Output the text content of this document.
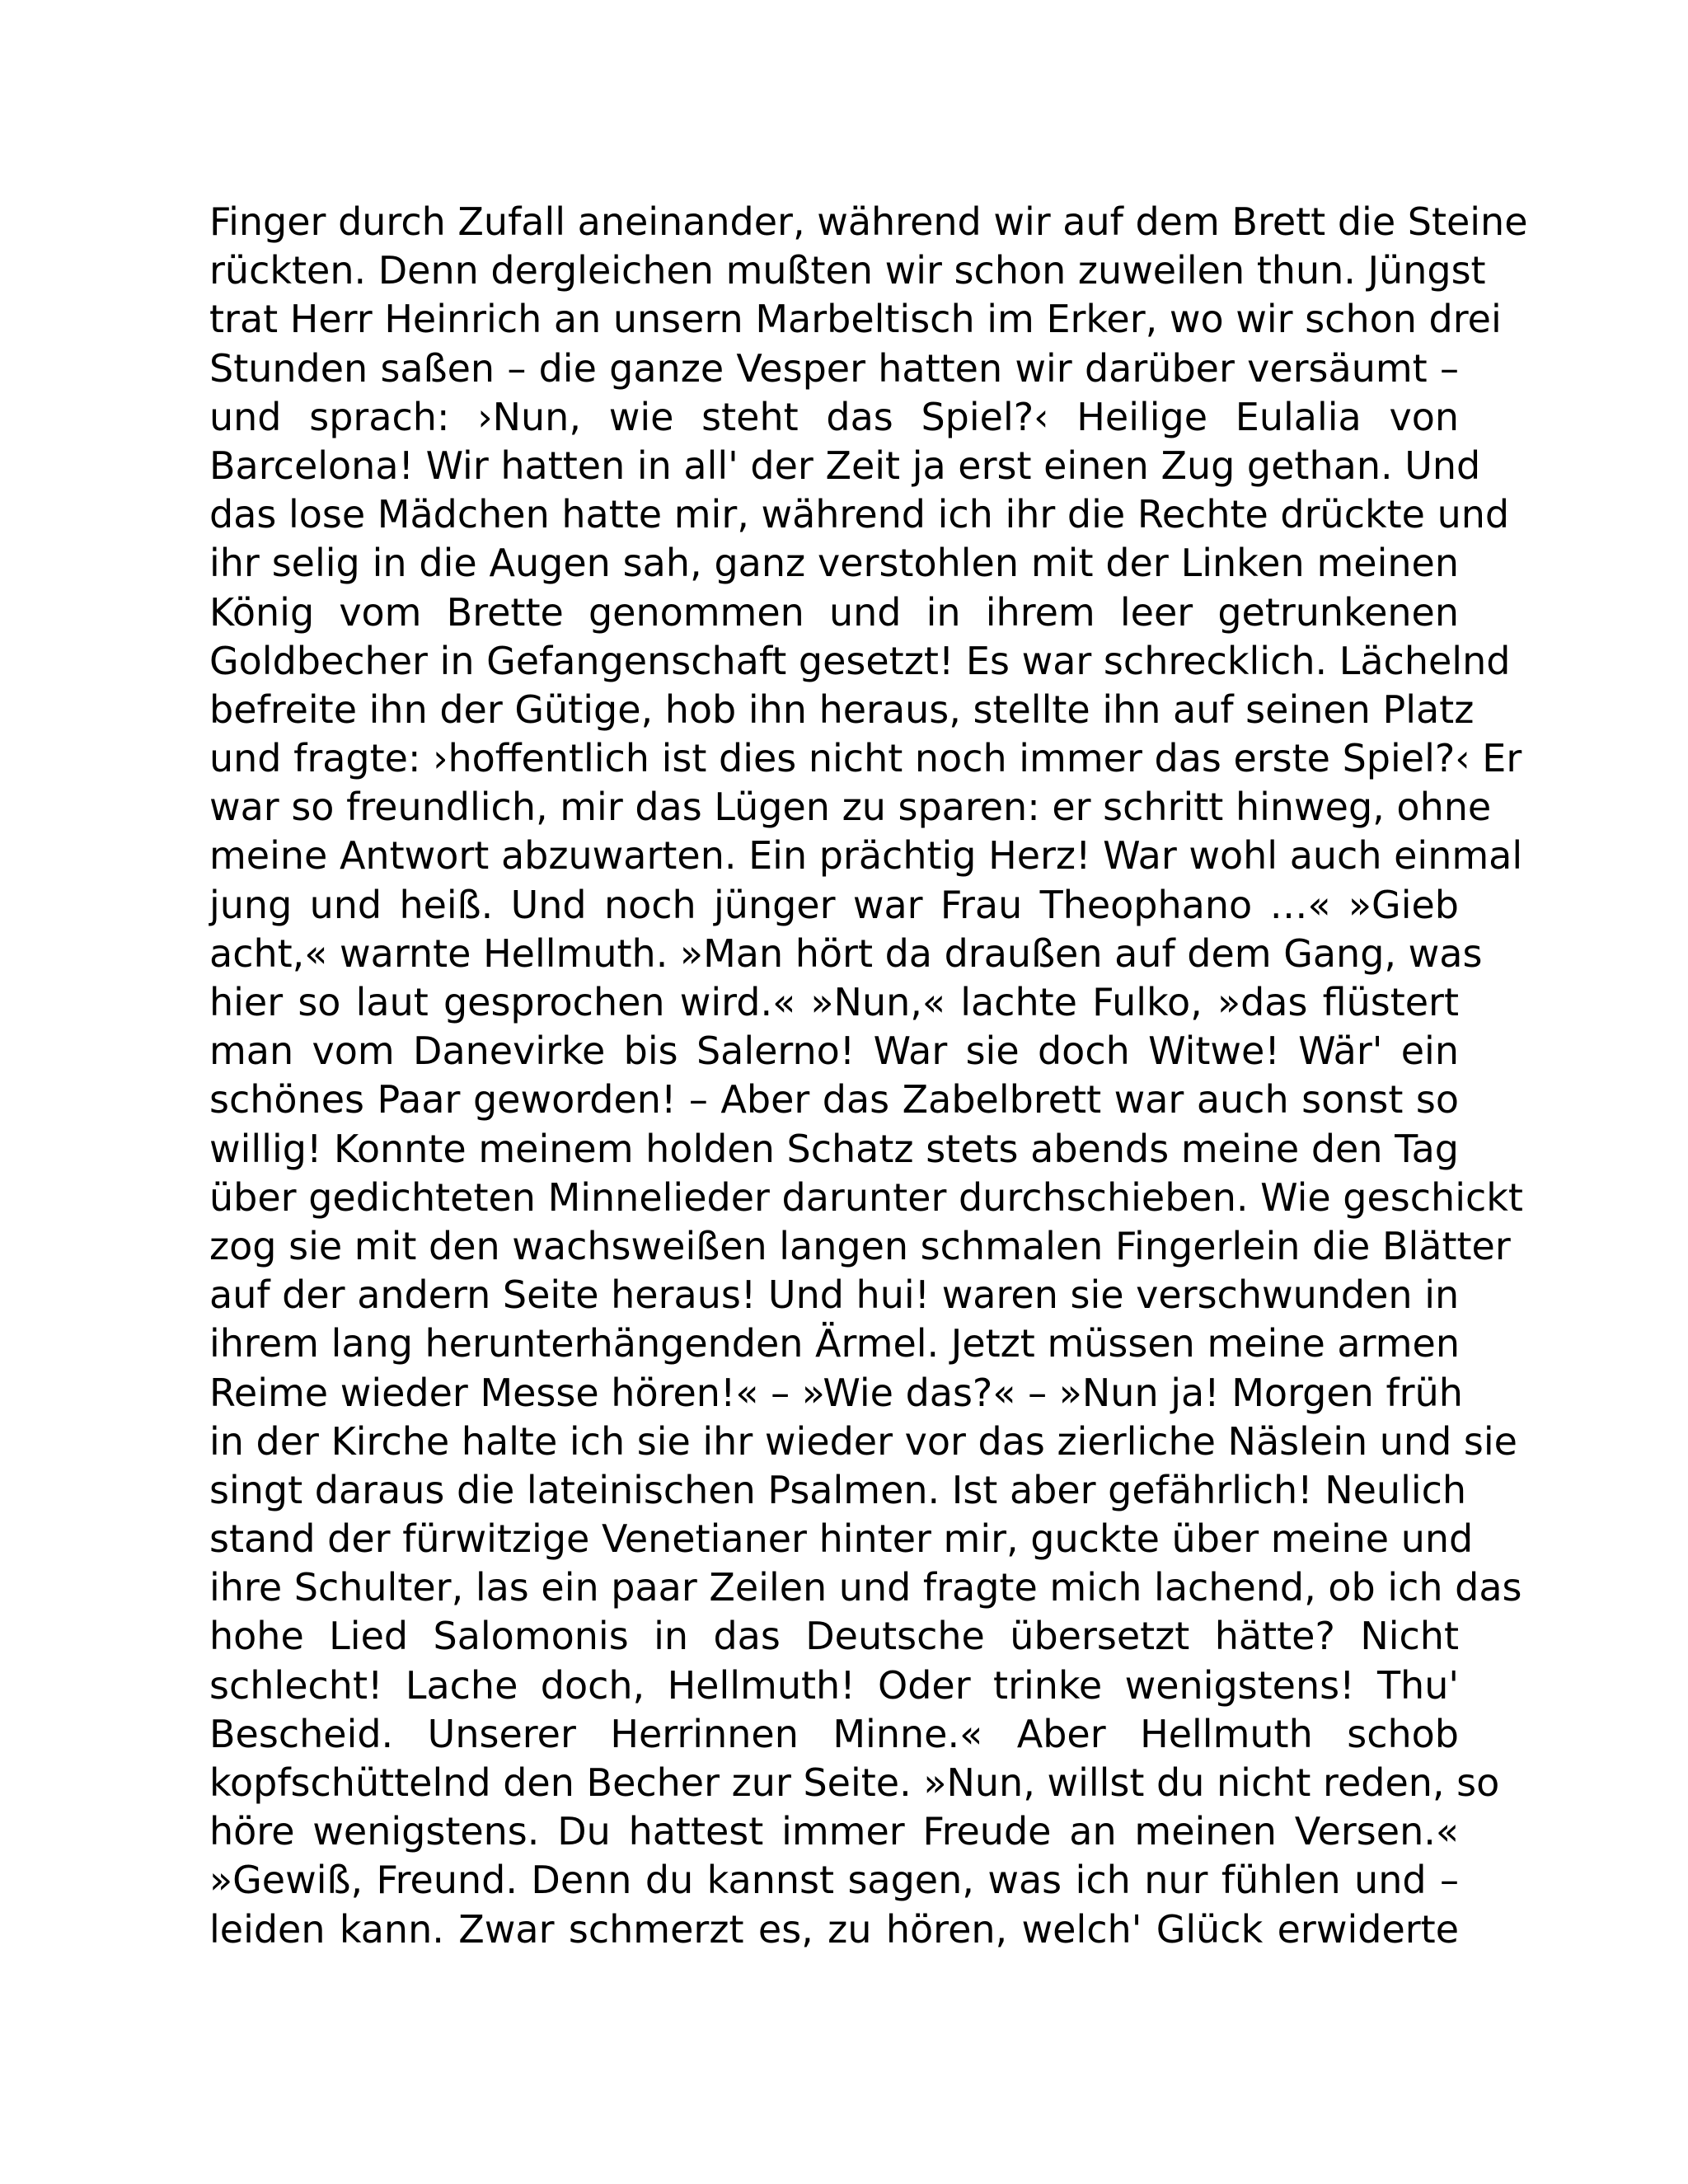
Finger durch Zufall aneinander, während wir auf dem Brett die Steine
rückten. Denn dergleichen mußten wir schon zuweilen thun. Jüngst
trat Herr Heinrich an unsern Marbeltisch im Erker, wo wir schon drei
Stunden saßen – die ganze Vesper hatten wir darüber versäumt –
und sprach: ›Nun, wie steht das Spiel?‹ Heilige Eulalia von
Barcelona! Wir hatten in all' der Zeit ja erst einen Zug gethan. Und
das lose Mädchen hatte mir, während ich ihr die Rechte drückte und
ihr selig in die Augen sah, ganz verstohlen mit der Linken meinen
König vom Brette genommen und in ihrem leer getrunkenen
Goldbecher in Gefangenschaft gesetzt! Es war schrecklich. Lächelnd
befreite ihn der Gütige, hob ihn heraus, stellte ihn auf seinen Platz
und fragte: ›hoffentlich ist dies nicht noch immer das erste Spiel?‹ Er
war so freundlich, mir das Lügen zu sparen: er schritt hinweg, ohne
meine Antwort abzuwarten. Ein prächtig Herz! War wohl auch einmal
jung und heiß. Und noch jünger war Frau Theophano …« »Gieb
acht,« warnte Hellmuth. »Man hört da draußen auf dem Gang, was
hier so laut gesprochen wird.« »Nun,« lachte Fulko, »das flüstert
man vom Danevirke bis Salerno! War sie doch Witwe! Wär' ein
schönes Paar geworden! – Aber das Zabelbrett war auch sonst so
willig! Konnte meinem holden Schatz stets abends meine den Tag
über gedichteten Minnelieder darunter durchschieben. Wie geschickt
zog sie mit den wachsweißen langen schmalen Fingerlein die Blätter
auf der andern Seite heraus! Und hui! waren sie verschwunden in
ihrem lang herunterhängenden Ärmel. Jetzt müssen meine armen
Reime wieder Messe hören!« – »Wie das?« – »Nun ja! Morgen früh
in der Kirche halte ich sie ihr wieder vor das zierliche Näslein und sie
singt daraus die lateinischen Psalmen. Ist aber gefährlich! Neulich
stand der fürwitzige Venetianer hinter mir, guckte über meine und
ihre Schulter, las ein paar Zeilen und fragte mich lachend, ob ich das
hohe Lied Salomonis in das Deutsche übersetzt hätte? Nicht
schlecht! Lache doch, Hellmuth! Oder trinke wenigstens! Thu'
Bescheid. Unserer Herrinnen Minne.« Aber Hellmuth schob
kopfschüttelnd den Becher zur Seite. »Nun, willst du nicht reden, so
höre wenigstens. Du hattest immer Freude an meinen Versen.«
»Gewiß, Freund. Denn du kannst sagen, was ich nur fühlen und –
leiden kann. Zwar schmerzt es, zu hören, welch' Glück erwiderte
